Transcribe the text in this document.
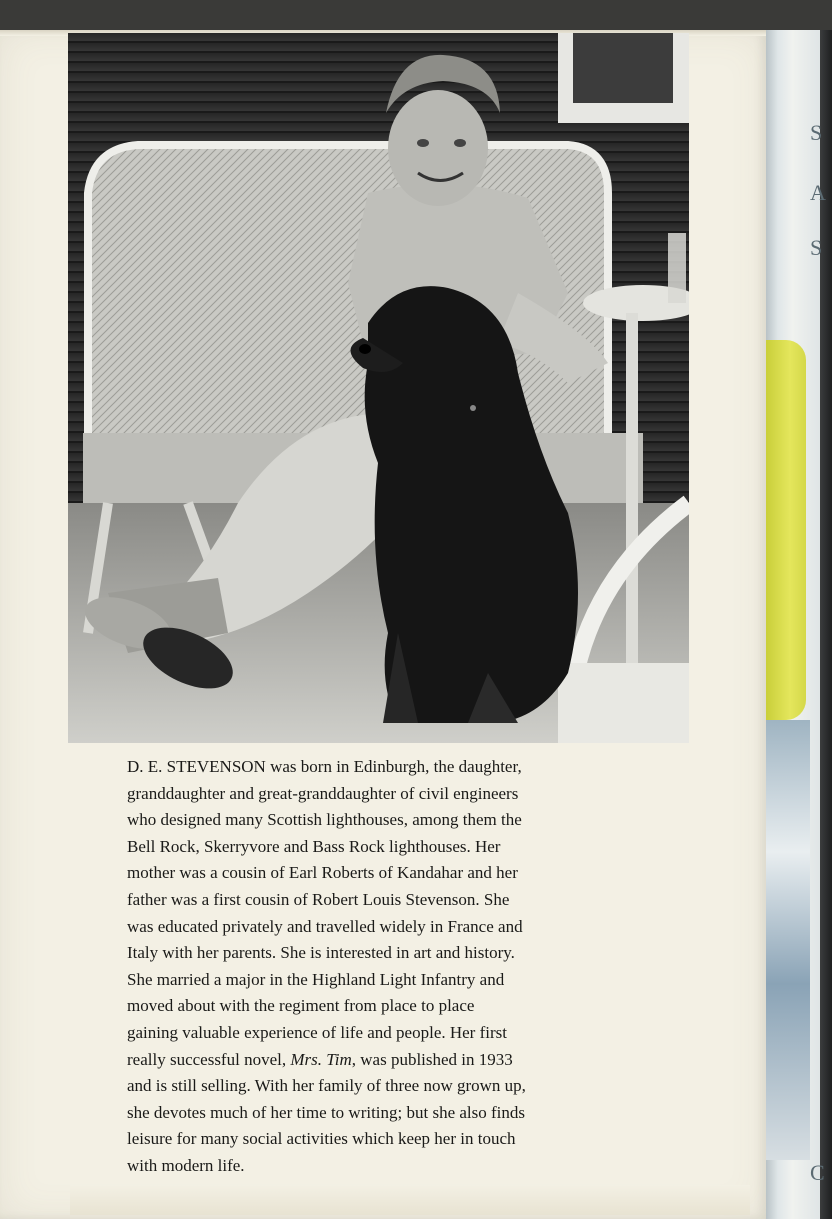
S
A
S
C
D. E. STEVENSON was born in Edinburgh, the daughter,
granddaughter and great-granddaughter of civil engineers
who designed many Scottish lighthouses, among them the
Bell Rock, Skerryvore and Bass Rock lighthouses. Her
mother was a cousin of Earl Roberts of Kandahar and her
father was a first cousin of Robert Louis Stevenson. She
was educated privately and travelled widely in France and
Italy with her parents. She is interested in art and history.
She married a major in the Highland Light Infantry and
moved about with the regiment from place to place
gaining valuable experience of life and people. Her first
really successful novel, Mrs. Tim, was published in 1933
and is still selling. With her family of three now grown up,
she devotes much of her time to writing; but she also finds
leisure for many social activities which keep her in touch
with modern life.
